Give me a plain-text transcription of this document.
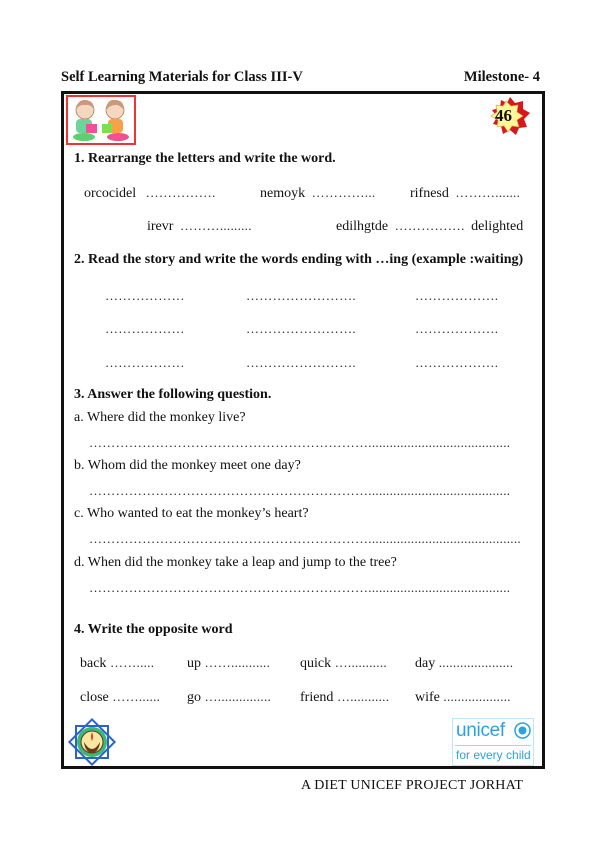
Self Learning Materials for Class III-V	Milestone- 4
46
1. Rearrange the letters and write the word.
orcocidel …………….	nemoyk …………... rifnesd ……….......
irevr ……….........	edilhgtde ……………. delighted
2. Read the story and write the words ending with …ing (example :waiting)
………………	…………………….	……………….
………………	…………………….	……………….
………………	…………………….	……………….
3. Answer the following question.
a. Where did the monkey live?
………………………………………………………........................................
b. Whom did the monkey meet one day?
………………………………………………………........................................
c. Who wanted to eat the monkey’s heart?
………………………………………………………...........................................
d. When did the monkey take a leap and jump to the tree?
………………………………………………………........................................
4. Write the opposite word
back ……..... up ……........... quick …........... day .....................
close ……...... go …............... friend …........... wife ...................
unicef
for every child
A DIET UNICEF PROJECT JORHAT
